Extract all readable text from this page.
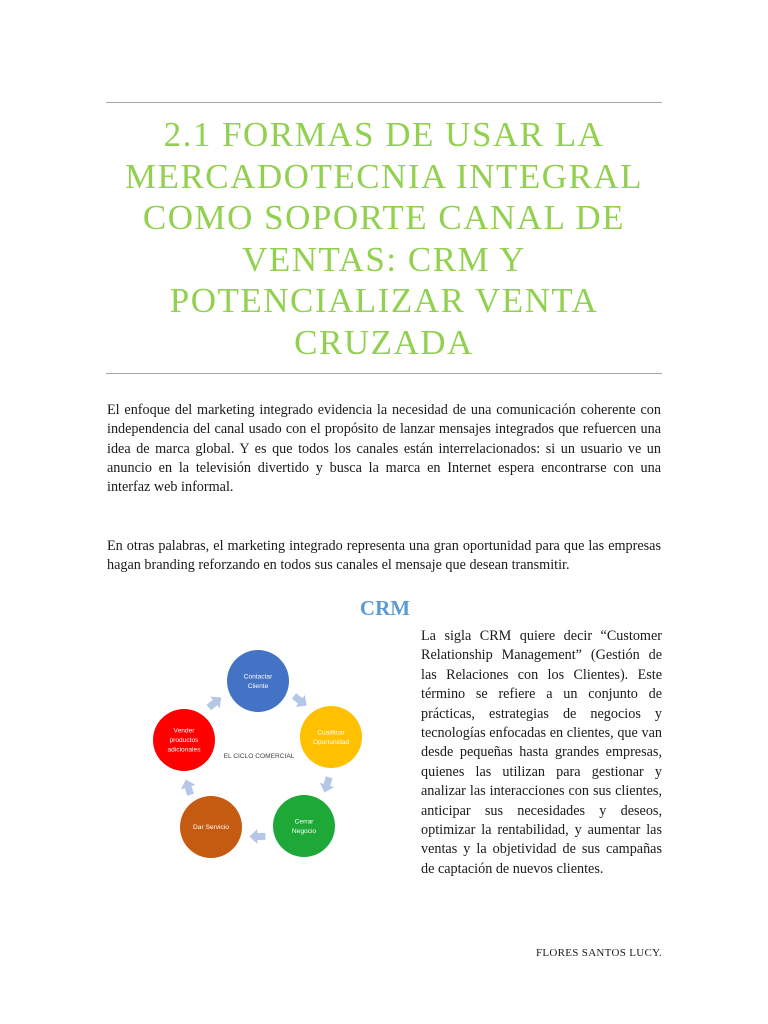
2.1 FORMAS DE USAR LA MERCADOTECNIA INTEGRAL COMO SOPORTE CANAL DE VENTAS: CRM Y POTENCIALIZAR VENTA CRUZADA

El enfoque del marketing integrado evidencia la necesidad de una comunicación coherente con independencia del canal usado con el propósito de lanzar mensajes integrados que refuercen una idea de marca global. Y es que todos los canales están interrelacionados: si un usuario ve un anuncio en la televisión divertido y busca la marca en Internet espera encontrarse con una interfaz web informal.

En otras palabras, el marketing integrado representa una gran oportunidad para que las empresas hagan branding reforzando en todos sus canales el mensaje que desean transmitir.

CRM
Contactar
Cliente
Cualificar
Oportunidad
Cerrar
Negocio
Dar Servicio
Vender
productos
adicionales
EL CICLO COMERCIAL

La sigla CRM quiere decir “Customer Relationship Management” (Gestión de las Relaciones con los Clientes). Este término se refiere a un conjunto de prácticas, estrategias de negocios y tecnologías enfocadas en clientes, que van desde pequeñas hasta grandes empresas, quienes las utilizan para gestionar y analizar las interacciones con sus clientes, anticipar sus necesidades y deseos, optimizar la rentabilidad, y aumentar las ventas y la objetividad de sus campañas de captación de nuevos clientes.

FLORES SANTOS LUCY.
